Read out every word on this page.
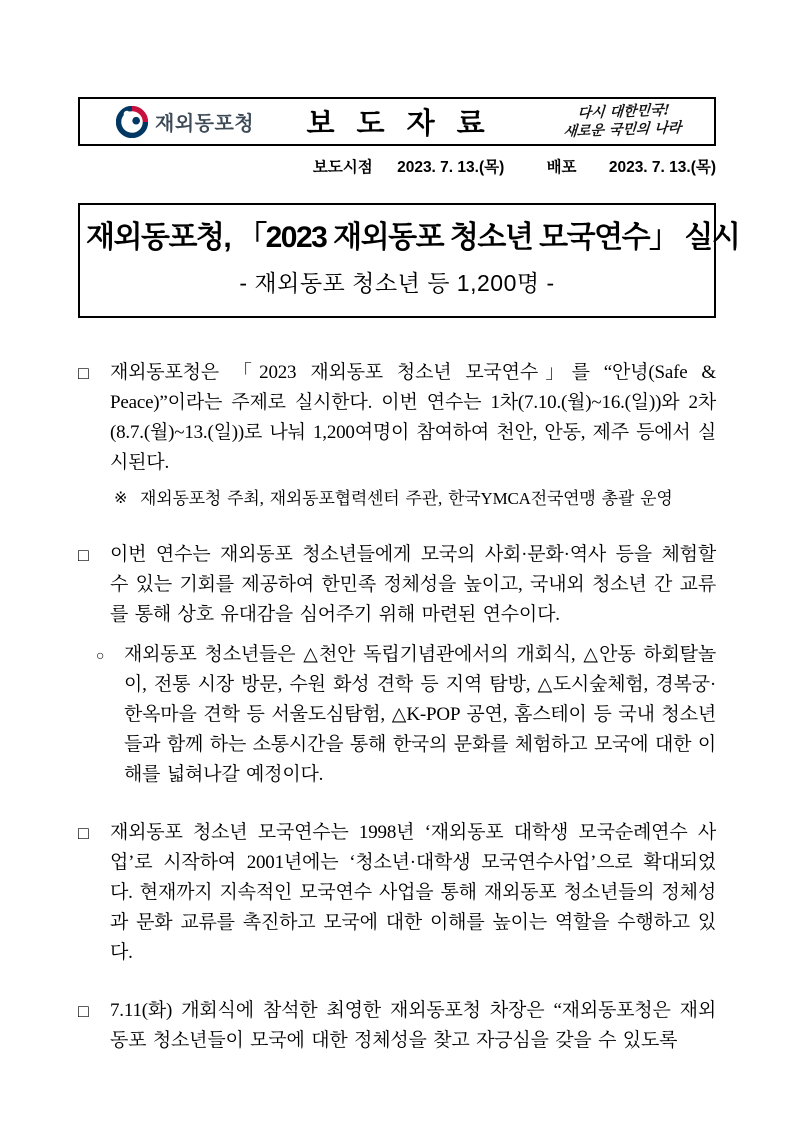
재외동포청 보 도 자 료	다시 대한민국!
새로운 국민의 나라
보도시점 2023. 7. 13.(목)	배포 2023. 7. 13.(목)
재외동포청, 「2023 재외동포 청소년 모국연수」 실시
- 재외동포 청소년 등 1,200명 -
□	재외동포청은 「2023 재외동포 청소년 모국연수」를 “안녕(Safe & Peace)”이라는 주제로 실시한다. 이번 연수는 1차(7.10.(월)~16.(일))와 2차(8.7.(월)~13.(일))로 나눠 1,200여명이 참여하여 천안, 안동, 제주 등에서 실시된다.
※ 재외동포청 주최, 재외동포협력센터 주관, 한국YMCA전국연맹 총괄 운영
□	이번 연수는 재외동포 청소년들에게 모국의 사회·문화·역사 등을 체험할 수 있는 기회를 제공하여 한민족 정체성을 높이고, 국내외 청소년 간 교류를 통해 상호 유대감을 심어주기 위해 마련된 연수이다.
○	재외동포 청소년들은 △천안 독립기념관에서의 개회식, △안동 하회탈놀이, 전통 시장 방문, 수원 화성 견학 등 지역 탐방, △도시숲체험, 경복궁·한옥마을 견학 등 서울도심탐험, △K-POP 공연, 홈스테이 등 국내 청소년들과 함께 하는 소통시간을 통해 한국의 문화를 체험하고 모국에 대한 이해를 넓혀나갈 예정이다.
□	재외동포 청소년 모국연수는 1998년 ‘재외동포 대학생 모국순례연수 사업’로 시작하여 2001년에는 ‘청소년·대학생 모국연수사업’으로 확대되었다. 현재까지 지속적인 모국연수 사업을 통해 재외동포 청소년들의 정체성과 문화 교류를 촉진하고 모국에 대한 이해를 높이는 역할을 수행하고 있다.
□	7.11(화) 개회식에 참석한 최영한 재외동포청 차장은 “재외동포청은 재외동포 청소년들이 모국에 대한 정체성을 찾고 자긍심을 갖을 수 있도록
